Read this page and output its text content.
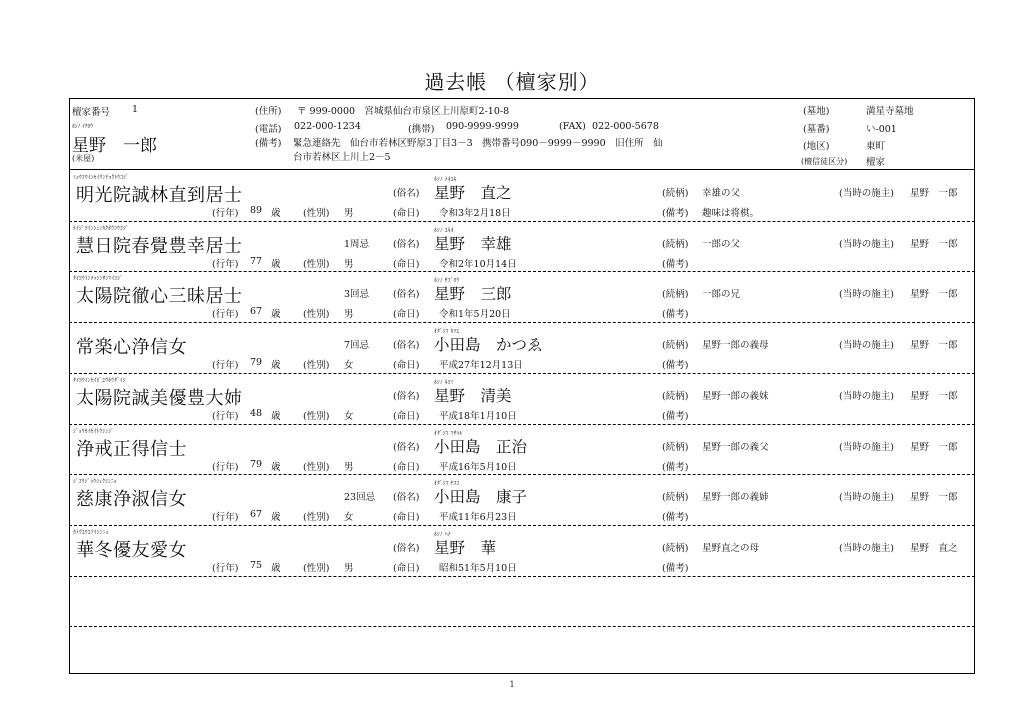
過去帳 （檀家別）
檀家番号 1
ﾎｼﾉ ｲﾁﾛｳ
星野　一郎
(米屋)
(住所) 〒 999-0000　宮城県仙台市泉区上川原町2-10-8
(電話) 022-000-1234	(携帯) 090-9999-9999	(FAX) 022-000-5678
(備考) 緊急連絡先　仙台市若林区野原3丁目3－3　携帯番号090－9999－9990　旧住所　仙
台市若林区上川上2－5
(墓地)	満星寺墓地
(墓番)	い-001
(地区)	東町
(檀信徒区分) 檀家
ﾐｮｳｺｳｲﾝｾｲﾘﾝﾁｮｸﾄｳｺｼﾞ
明光院誠林直到居士	(俗名)
ﾎｼﾉ ﾅｵﾕｷ
星野　直之	(続柄) 幸雄の父	(当時の施主) 星野　一郎
(行年) 89 歳 (性別) 男	(命日) 令和3年2月18日	(備考) 趣味は将棋。
ｹｲｼﾞﾂｲﾝｼｭﾝｶｸﾎｳｺｳｺｼﾞ
慧日院春覺豊幸居士	1周忌	(俗名)
ﾎｼﾉ ﾕｷｵ
星野　幸雄	(続柄) 一郎の父	(当時の施主) 星野　一郎
(行年) 77 歳 (性別) 男	(命日) 令和2年10月14日	(備考)
ﾀｲﾖｳｲﾝﾃｯｼﾝｻﾝﾏｲｺｼﾞ
太陽院徹心三昧居士	3回忌	(俗名)
ﾎｼﾉ ｻﾌﾞﾛｳ
星野　三郎	(続柄) 一郎の兄	(当時の施主) 星野　一郎
(行年) 67 歳 (性別) 男	(命日) 令和1年5月20日	(備考)
常楽心浄信女	7回忌	(俗名)
ｵﾀﾞｼﾏ ｶﾂｴ
小田島　かつゑ	(続柄) 星野一郎の義母	(当時の施主) 星野　一郎
(行年) 79 歳 (性別) 女	(命日) 平成27年12月13日	(備考)
ﾀｲﾖｳｲﾝｾｲﾋﾞﾕｳﾎｳﾀﾞｲｼ
太陽院誠美優豊大姉	(俗名)
ﾎｼﾉ ｷﾖﾐ
星野　清美	(続柄) 星野一郎の義妹	(当時の施主) 星野　一郎
(行年) 48 歳 (性別) 女	(命日) 平成18年1月10日	(備考)
ｼﾞｮｳｶｲｾｲﾄｸｼﾝｼﾞ
浄戒正得信士	(俗名)
ｵﾀﾞｼﾏ ﾏｻﾊﾙ
小田島　正治	(続柄) 星野一郎の義父	(当時の施主) 星野　一郎
(行年) 79 歳 (性別) 男	(命日) 平成16年5月10日	(備考)
ｼﾞｺｳｼﾞｮｳｼｭｸｼﾝﾆｮ
慈康浄淑信女	23回忌 (俗名)
ｵﾀﾞｼﾏ ﾔｽｺ
小田島　康子	(続柄) 星野一郎の義姉	(当時の施主) 星野　一郎
(行年) 67 歳 (性別) 女	(命日) 平成11年6月23日	(備考)
ｶﾄｳﾕｳﾕｱｲｼﾝﾆｮ
華冬優友愛女	(俗名)
ﾎｼﾉ ﾊﾅ
星野　華	(続柄) 星野直之の母	(当時の施主) 星野　直之
(行年) 75 歳 (性別) 男	(命日) 昭和51年5月10日	(備考)
1
